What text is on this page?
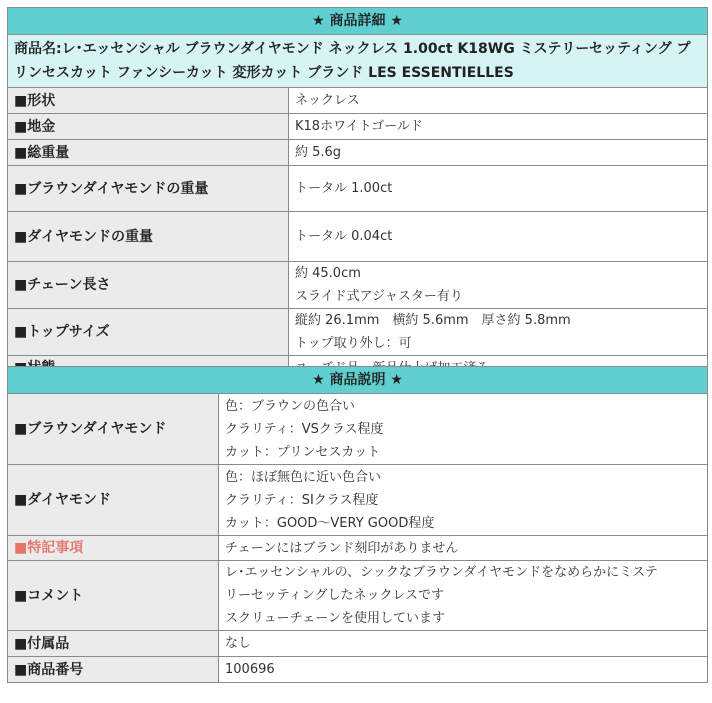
★ 商品詳細 ★	
商品名:レ･エッセンシャル ブラウンダイヤモンド ネックレス 1.00ct K18WG ミステリーセッティング プリンセスカット ファンシーカット 変形カット ブランド LES ESSENTIELLES	
■形状	ネックレス

■地金	K18ホワイトゴールド

■総重量	約 5.6g

■ブラウンダイヤモンドの重量	トータル 1.00ct

■ダイヤモンドの重量	トータル 0.04ct

■チェーン長さ	約 45.0cm
スライド式アジャスター有り

■トップサイズ	縦約 26.1mm　横約 5.6mm　厚さ約 5.8mm
トップ取り外し：可

★ 商品説明 ★	
■ブラウンダイヤモンド	色：ブラウンの色合い
クラリティ：VSクラス程度
カット：プリンセスカット

■ダイヤモンド	色：ほぼ無色に近い色合い
クラリティ：SIクラス程度
カット：GOOD～VERY GOOD程度

■特記事項	チェーンにはブランド刻印がありません

■コメント	レ･エッセンシャルの、シックなブラウンダイヤモンドをなめらかにミステ
リーセッティングしたネックレスです
スクリューチェーンを使用しています

■付属品	なし

■商品番号	100696
